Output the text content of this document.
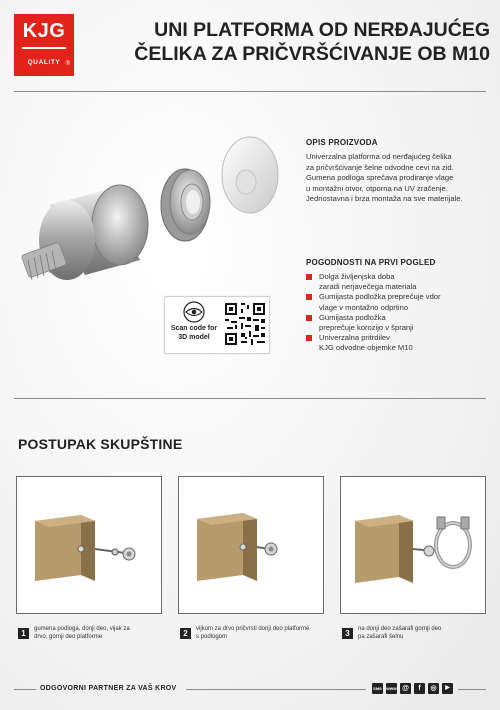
KJG
QUALITY ®
UNI PLATFORMA OD NERĐAJUĆEG
ČELIKA ZA PRIČVRŠĆIVANJE OB M10
OPIS PROIZVODA
Univerzalna platforma od nerđajućeg čelika
za pričvršćivanje šelne odvodne cevi na zid.
Gumena podloga sprečava prodiranje vlage
u montažni otvor, otporna na UV zračenje.
Jednostavna i brza montaža na sve materijale.
POGODNOSTI NA PRVI POGLED
Dolga življenjska doba
zaradi nerjavečega materiala
Gumijasta podložka preprečuje vdor
vlage v montažno odprtino
Gumijasta podložka
preprečuje korozijo v špranji
Univerzalna pritrdilev
KJG odvodne objemke M10
Scan code for
3D model
POSTUPAK SKUPŠTINE
1	gumena podloga, donji deo, vijak za
drvo, gornji deo platforme	2	vijkom za drvo pričvrsti donji deo platforme
s podlogom	3	na donji deo zašarafi gornji deo
pa zašarafi šelnu
ODGOVORNI PARTNER ZA VAŠ KROV	SMS www @	f	◎	▶
